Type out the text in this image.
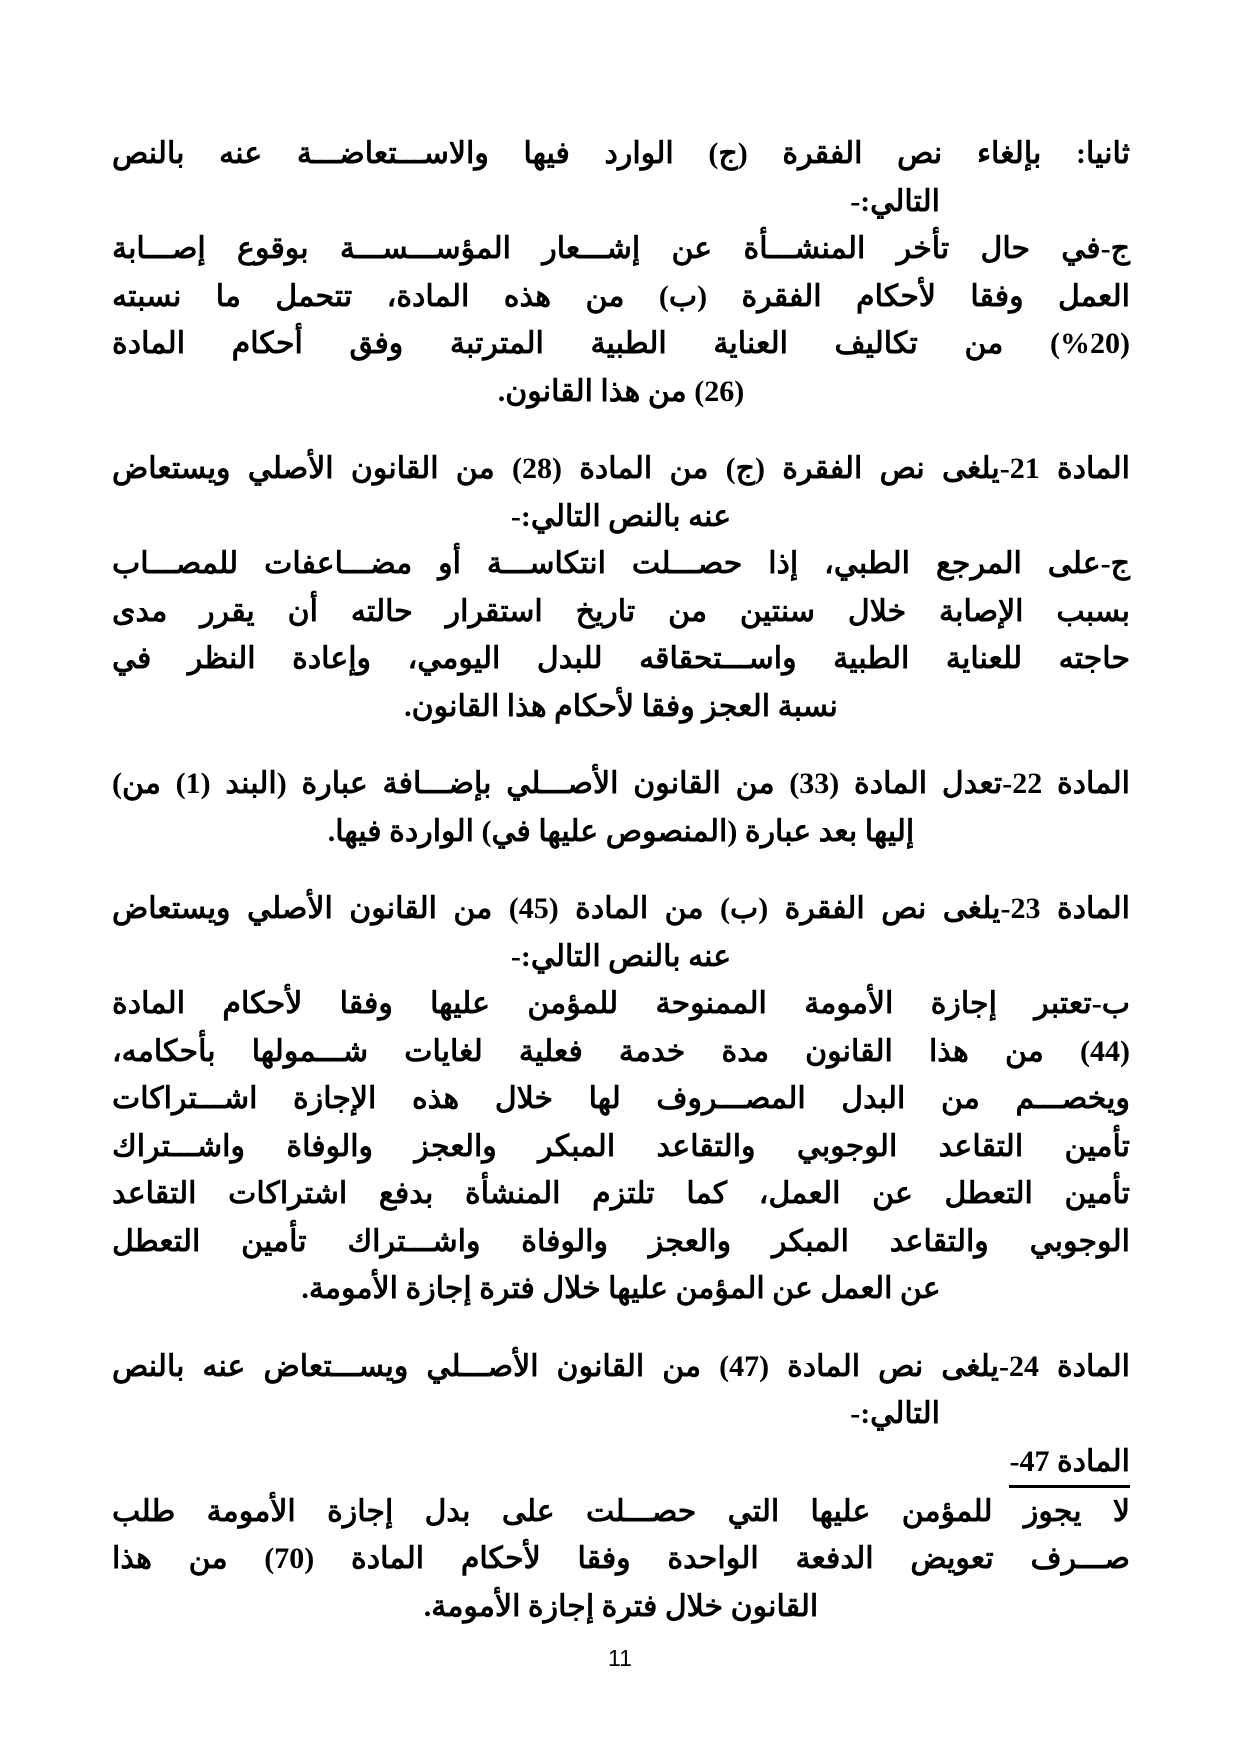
ثانيا: بإلغاء نص الفقرة (ج) الوارد فيها والاســـتعاضـــة عنه بالنص
التالي:-
ج-في حال تأخر المنشـــأة عن إشـــعار المؤســـســـة بوقوع إصـــابة
العمل وفقا لأحكام الفقرة (ب) من هذه المادة، تتحمل ما نسبته
(%20) من تكاليف العناية الطبية المترتبة وفق أحكام المادة
(26) من هذا القانون.
المادة 21-يلغى نص الفقرة (ج) من المادة (28) من القانون الأصلي ويستعاض
عنه بالنص التالي:-
ج-على المرجع الطبي، إذا حصـــلت انتكاســـة أو مضـــاعفات للمصـــاب
بسبب الإصابة خلال سنتين من تاريخ استقرار حالته أن يقرر مدى
حاجته للعناية الطبية واســـتحقاقه للبدل اليومي، وإعادة النظر في
نسبة العجز وفقا لأحكام هذا القانون.
المادة 22-تعدل المادة (33) من القانون الأصـــلي بإضـــافة عبارة (البند (1) من)
إليها بعد عبارة (المنصوص عليها في) الواردة فيها.
المادة 23-يلغى نص الفقرة (ب) من المادة (45) من القانون الأصلي ويستعاض
عنه بالنص التالي:-
ب-تعتبر إجازة الأمومة الممنوحة للمؤمن عليها وفقا لأحكام المادة
(44) من هذا القانون مدة خدمة فعلية لغايات شـــمولها بأحكامه،
ويخصـــم من البدل المصـــروف لها خلال هذه الإجازة اشـــتراكات
تأمين التقاعد الوجوبي والتقاعد المبكر والعجز والوفاة واشـــتراك
تأمين التعطل عن العمل، كما تلتزم المنشأة بدفع اشتراكات التقاعد
الوجوبي والتقاعد المبكر والعجز والوفاة واشـــتراك تأمين التعطل
عن العمل عن المؤمن عليها خلال فترة إجازة الأمومة.
المادة 24-يلغى نص المادة (47) من القانون الأصـــلي ويســـتعاض عنه بالنص
التالي:-
المادة 47-
لا يجوز للمؤمن عليها التي حصـــلت على بدل إجازة الأمومة طلب
صـــرف تعويض الدفعة الواحدة وفقا لأحكام المادة (70) من هذا
القانون خلال فترة إجازة الأمومة.
11
